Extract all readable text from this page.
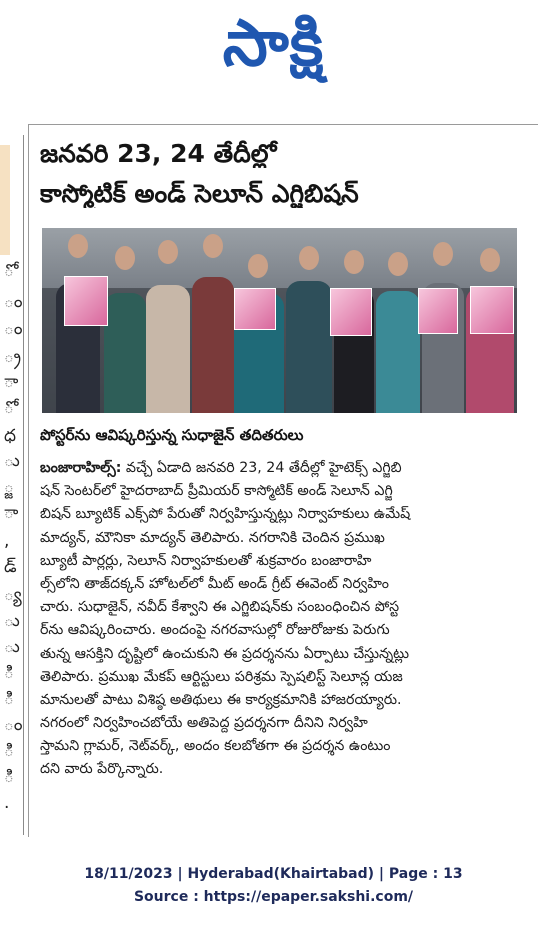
సాక్షి
ో
ం
ం
్ర
ా
ో
ధ
ు
్జ
ా
,
డ్
్య
ు
ు
ి
ి
ం
ి
ి
.
జనవరి 23, 24 తేదీల్లో
కాస్మోటిక్ అండ్ సెలూన్ ఎగ్జిబిషన్
పోస్టర్‌ను ఆవిష్కరిస్తున్న సుధాజైన్ తదితరులు
బంజారాహిల్స్: వచ్చే ఏడాది జనవరి 23, 24 తేదీల్లో హైటెక్స్ ఎగ్జిబి
షన్ సెంటర్‌లో హైదరాబాద్ ప్రీమియర్ కాస్మోటిక్ అండ్ సెలూన్ ఎగ్జి
బిషన్ బ్యూటిక్ ఎక్స్‌పో పేరుతో నిర్వహిస్తున్నట్లు నిర్వాహకులు ఉమేష్
మాద్యన్, మౌనికా మాద్యన్ తెలిపారు. నగరానికి చెందిన ప్రముఖ
బ్యూటీ పార్లర్లు, సెలూన్ నిర్వాహకులతో శుక్రవారం బంజారాహి
ల్స్‌లోని తాజ్‌దక్కన్ హోటల్‌లో మీట్ అండ్ గ్రీట్ ఈవెంట్ నిర్వహిం
చారు. సుధాజైన్, నవీద్ కేశ్వాని ఈ ఎగ్జిబిషన్‌కు సంబంధించిన పోస్ట
ర్‌ను ఆవిష్కరించారు. అందంపై నగరవాసుల్లో రోజురోజుకు పెరుగు
తున్న ఆసక్తిని దృష్టిలో ఉంచుకుని ఈ ప్రదర్శనను ఏర్పాటు చేస్తున్నట్లు
తెలిపారు. ప్రముఖ మేకప్ ఆర్టిస్టులు పరిశ్రమ స్పెషలిస్ట్ సెలూన్ల యజ
మానులతో పాటు విశిష్ఠ అతిథులు ఈ కార్యక్రమానికి హాజరయ్యారు.
నగరంలో నిర్వహించబోయే అతిపెద్ద ప్రదర్శనగా దీనిని నిర్వహి
స్తామని గ్లామర్, నెట్‌వర్క్, అందం కలబోతగా ఈ ప్రదర్శన ఉంటుం
దని వారు పేర్కొన్నారు.
18/11/2023 | Hyderabad(Khairtabad) | Page : 13
Source : https://epaper.sakshi.com/
